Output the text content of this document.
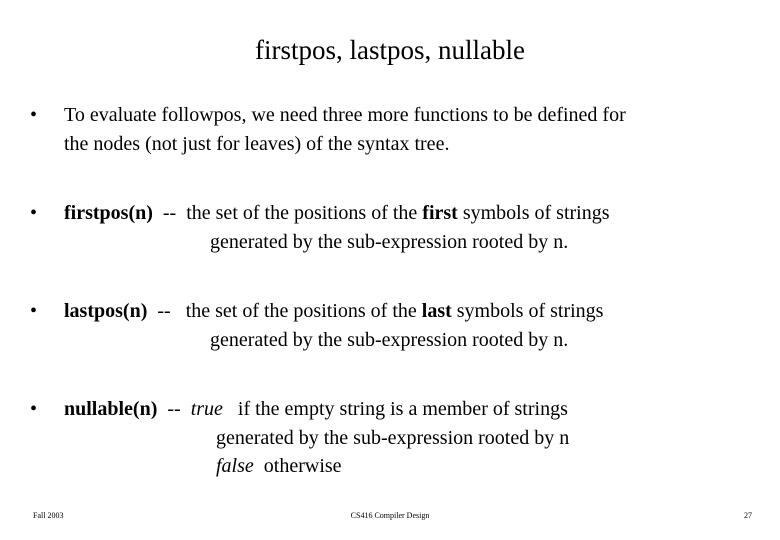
firstpos, lastpos, nullable
• To evaluate followpos, we need three more functions to be defined for
the nodes (not just for leaves) of the syntax tree.
• firstpos(n) -- the set of the positions of the first symbols of strings
generated by the sub-expression rooted by n.
• lastpos(n) -- the set of the positions of the last symbols of strings
generated by the sub-expression rooted by n.
• nullable(n) -- true if the empty string is a member of strings
generated by the sub-expression rooted by n
false otherwise
Fall 2003	CS416 Compiler Design	27
